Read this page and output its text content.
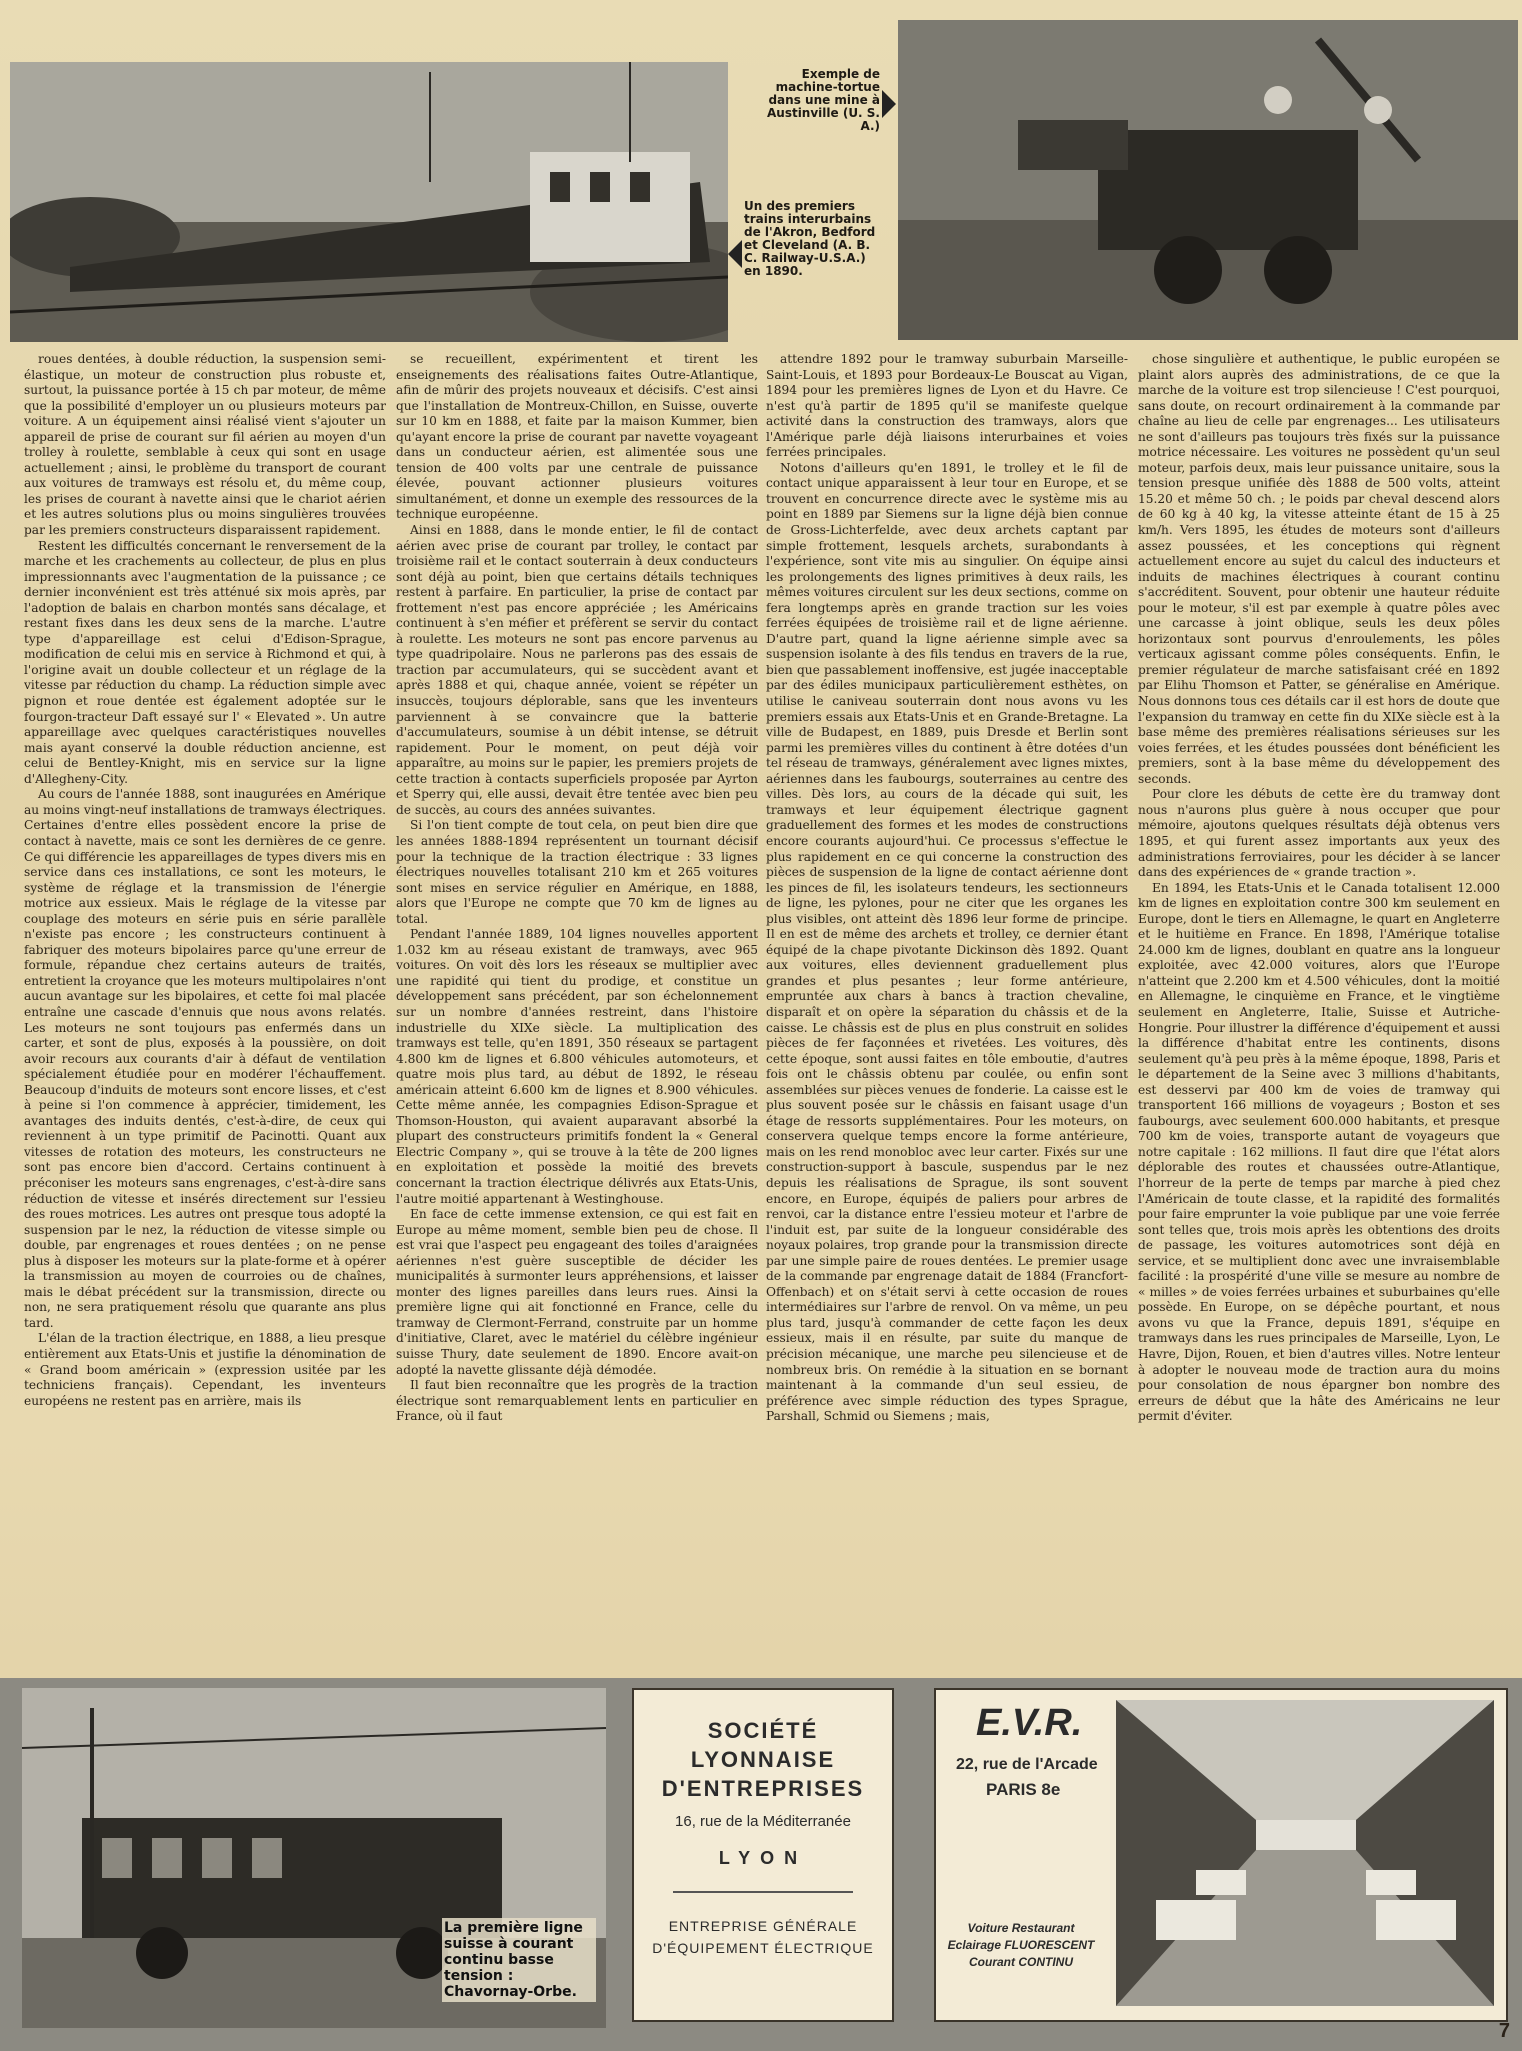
Exemple de machine-tortue dans une mine à Austinville (U. S. A.)
Un des premiers trains interurbains de l'Akron, Bedford et Cleveland (A. B. C. Railway-U.S.A.) en 1890.

roues dentées, à double réduction, la suspension semi-élastique, un moteur de construction plus robuste et, surtout, la puissance portée à 15 ch par moteur, de même que la possibilité d'employer un ou plusieurs moteurs par voiture. A un équipement ainsi réalisé vient s'ajouter un appareil de prise de courant sur fil aérien au moyen d'un trolley à roulette, semblable à ceux qui sont en usage actuellement ; ainsi, le problème du transport de courant aux voitures de tramways est résolu et, du même coup, les prises de courant à navette ainsi que le chariot aérien et les autres solutions plus ou moins singulières trouvées par les premiers constructeurs disparaissent rapidement.

Restent les difficultés concernant le renversement de la marche et les crachements au collecteur, de plus en plus impressionnants avec l'augmentation de la puissance ; ce dernier inconvénient est très atténué six mois après, par l'adoption de balais en charbon montés sans décalage, et restant fixes dans les deux sens de la marche. L'autre type d'appareillage est celui d'Edison-Sprague, modification de celui mis en service à Richmond et qui, à l'origine avait un double collecteur et un réglage de la vitesse par réduction du champ. La réduction simple avec pignon et roue dentée est également adoptée sur le fourgon-tracteur Daft essayé sur l' « Elevated ». Un autre appareillage avec quelques caractéristiques nouvelles mais ayant conservé la double réduction ancienne, est celui de Bentley-Knight, mis en service sur la ligne d'Allegheny-City.

Au cours de l'année 1888, sont inaugurées en Amérique au moins vingt-neuf installations de tramways électriques. Certaines d'entre elles possèdent encore la prise de contact à navette, mais ce sont les dernières de ce genre. Ce qui différencie les appareillages de types divers mis en service dans ces installations, ce sont les moteurs, le système de réglage et la transmission de l'énergie motrice aux essieux. Mais le réglage de la vitesse par couplage des moteurs en série puis en série parallèle n'existe pas encore ; les constructeurs continuent à fabriquer des moteurs bipolaires parce qu'une erreur de formule, répandue chez certains auteurs de traités, entretient la croyance que les moteurs multipolaires n'ont aucun avantage sur les bipolaires, et cette foi mal placée entraîne une cascade d'ennuis que nous avons relatés. Les moteurs ne sont toujours pas enfermés dans un carter, et sont de plus, exposés à la poussière, on doit avoir recours aux courants d'air à défaut de ventilation spécialement étudiée pour en modérer l'échauffement. Beaucoup d'induits de moteurs sont encore lisses, et c'est à peine si l'on commence à apprécier, timidement, les avantages des induits dentés, c'est-à-dire, de ceux qui reviennent à un type primitif de Pacinotti. Quant aux vitesses de rotation des moteurs, les constructeurs ne sont pas encore bien d'accord. Certains continuent à préconiser les moteurs sans engrenages, c'est-à-dire sans réduction de vitesse et insérés directement sur l'essieu des roues motrices. Les autres ont presque tous adopté la suspension par le nez, la réduction de vitesse simple ou double, par engrenages et roues dentées ; on ne pense plus à disposer les moteurs sur la plate-forme et à opérer la transmission au moyen de courroies ou de chaînes, mais le débat précédent sur la transmission, directe ou non, ne sera pratiquement résolu que quarante ans plus tard.

L'élan de la traction électrique, en 1888, a lieu presque entièrement aux Etats-Unis et justifie la dénomination de « Grand boom américain » (expression usitée par les techniciens français). Cependant, les inventeurs européens ne restent pas en arrière, mais ils

se recueillent, expérimentent et tirent les enseignements des réalisations faites Outre-Atlantique, afin de mûrir des projets nouveaux et décisifs. C'est ainsi que l'installation de Montreux-Chillon, en Suisse, ouverte sur 10 km en 1888, et faite par la maison Kummer, bien qu'ayant encore la prise de courant par navette voyageant dans un conducteur aérien, est alimentée sous une tension de 400 volts par une centrale de puissance élevée, pouvant actionner plusieurs voitures simultanément, et donne un exemple des ressources de la technique européenne.

Ainsi en 1888, dans le monde entier, le fil de contact aérien avec prise de courant par trolley, le contact par troisième rail et le contact souterrain à deux conducteurs sont déjà au point, bien que certains détails techniques restent à parfaire. En particulier, la prise de contact par frottement n'est pas encore appréciée ; les Américains continuent à s'en méfier et préfèrent se servir du contact à roulette. Les moteurs ne sont pas encore parvenus au type quadripolaire. Nous ne parlerons pas des essais de traction par accumulateurs, qui se succèdent avant et après 1888 et qui, chaque année, voient se répéter un insuccès, toujours déplorable, sans que les inventeurs parviennent à se convaincre que la batterie d'accumulateurs, soumise à un débit intense, se détruit rapidement. Pour le moment, on peut déjà voir apparaître, au moins sur le papier, les premiers projets de cette traction à contacts superficiels proposée par Ayrton et Sperry qui, elle aussi, devait être tentée avec bien peu de succès, au cours des années suivantes.

Si l'on tient compte de tout cela, on peut bien dire que les années 1888-1894 représentent un tournant décisif pour la technique de la traction électrique : 33 lignes électriques nouvelles totalisant 210 km et 265 voitures sont mises en service régulier en Amérique, en 1888, alors que l'Europe ne compte que 70 km de lignes au total.

Pendant l'année 1889, 104 lignes nouvelles apportent 1.032 km au réseau existant de tramways, avec 965 voitures. On voit dès lors les réseaux se multiplier avec une rapidité qui tient du prodige, et constitue un développement sans précédent, par son échelonnement sur un nombre d'années restreint, dans l'histoire industrielle du XIXe siècle. La multiplication des tramways est telle, qu'en 1891, 350 réseaux se partagent 4.800 km de lignes et 6.800 véhicules automoteurs, et quatre mois plus tard, au début de 1892, le réseau américain atteint 6.600 km de lignes et 8.900 véhicules. Cette même année, les compagnies Edison-Sprague et Thomson-Houston, qui avaient auparavant absorbé la plupart des constructeurs primitifs fondent la « General Electric Company », qui se trouve à la tête de 200 lignes en exploitation et possède la moitié des brevets concernant la traction électrique délivrés aux Etats-Unis, l'autre moitié appartenant à Westinghouse.

En face de cette immense extension, ce qui est fait en Europe au même moment, semble bien peu de chose. Il est vrai que l'aspect peu engageant des toiles d'araignées aériennes n'est guère susceptible de décider les municipalités à surmonter leurs appréhensions, et laisser monter des lignes pareilles dans leurs rues. Ainsi la première ligne qui ait fonctionné en France, celle du tramway de Clermont-Ferrand, construite par un homme d'initiative, Claret, avec le matériel du célèbre ingénieur suisse Thury, date seulement de 1890. Encore avait-on adopté la navette glissante déjà démodée.

Il faut bien reconnaître que les progrès de la traction électrique sont remarquablement lents en particulier en France, où il faut

attendre 1892 pour le tramway suburbain Marseille-Saint-Louis, et 1893 pour Bordeaux-Le Bouscat au Vigan, 1894 pour les premières lignes de Lyon et du Havre. Ce n'est qu'à partir de 1895 qu'il se manifeste quelque activité dans la construction des tramways, alors que l'Amérique parle déjà liaisons interurbaines et voies ferrées principales.

Notons d'ailleurs qu'en 1891, le trolley et le fil de contact unique apparaissent à leur tour en Europe, et se trouvent en concurrence directe avec le système mis au point en 1889 par Siemens sur la ligne déjà bien connue de Gross-Lichterfelde, avec deux archets captant par simple frottement, lesquels archets, surabondants à l'expérience, sont vite mis au singulier. On équipe ainsi les prolongements des lignes primitives à deux rails, les mêmes voitures circulent sur les deux sections, comme on fera longtemps après en grande traction sur les voies ferrées équipées de troisième rail et de ligne aérienne. D'autre part, quand la ligne aérienne simple avec sa suspension isolante à des fils tendus en travers de la rue, bien que passablement inoffensive, est jugée inacceptable par des édiles municipaux particulièrement esthètes, on utilise le caniveau souterrain dont nous avons vu les premiers essais aux Etats-Unis et en Grande-Bretagne. La ville de Budapest, en 1889, puis Dresde et Berlin sont parmi les premières villes du continent à être dotées d'un tel réseau de tramways, généralement avec lignes mixtes, aériennes dans les faubourgs, souterraines au centre des villes. Dès lors, au cours de la décade qui suit, les tramways et leur équipement électrique gagnent graduellement des formes et les modes de constructions encore courants aujourd'hui. Ce processus s'effectue le plus rapidement en ce qui concerne la construction des pièces de suspension de la ligne de contact aérienne dont les pinces de fil, les isolateurs tendeurs, les sectionneurs de ligne, les pylones, pour ne citer que les organes les plus visibles, ont atteint dès 1896 leur forme de principe. Il en est de même des archets et trolley, ce dernier étant équipé de la chape pivotante Dickinson dès 1892. Quant aux voitures, elles deviennent graduellement plus grandes et plus pesantes ; leur forme antérieure, empruntée aux chars à bancs à traction chevaline, disparaît et on opère la séparation du châssis et de la caisse. Le châssis est de plus en plus construit en solides pièces de fer façonnées et rivetées. Les voitures, dès cette époque, sont aussi faites en tôle emboutie, d'autres fois ont le châssis obtenu par coulée, ou enfin sont assemblées sur pièces venues de fonderie. La caisse est le plus souvent posée sur le châssis en faisant usage d'un étage de ressorts supplémentaires. Pour les moteurs, on conservera quelque temps encore la forme antérieure, mais on les rend monobloc avec leur carter. Fixés sur une construction-support à bascule, suspendus par le nez depuis les réalisations de Sprague, ils sont souvent encore, en Europe, équipés de paliers pour arbres de renvoi, car la distance entre l'essieu moteur et l'arbre de l'induit est, par suite de la longueur considérable des noyaux polaires, trop grande pour la transmission directe par une simple paire de roues dentées. Le premier usage de la commande par engrenage datait de 1884 (Francfort-Offenbach) et on s'était servi à cette occasion de roues intermédiaires sur l'arbre de renvol. On va même, un peu plus tard, jusqu'à commander de cette façon les deux essieux, mais il en résulte, par suite du manque de précision mécanique, une marche peu silencieuse et de nombreux bris. On remédie à la situation en se bornant maintenant à la commande d'un seul essieu, de préférence avec simple réduction des types Sprague, Parshall, Schmid ou Siemens ; mais,

chose singulière et authentique, le public européen se plaint alors auprès des administrations, de ce que la marche de la voiture est trop silencieuse ! C'est pourquoi, sans doute, on recourt ordinairement à la commande par chaîne au lieu de celle par engrenages... Les utilisateurs ne sont d'ailleurs pas toujours très fixés sur la puissance motrice nécessaire. Les voitures ne possèdent qu'un seul moteur, parfois deux, mais leur puissance unitaire, sous la tension presque unifiée dès 1888 de 500 volts, atteint 15.20 et même 50 ch. ; le poids par cheval descend alors de 60 kg à 40 kg, la vitesse atteinte étant de 15 à 25 km/h. Vers 1895, les études de moteurs sont d'ailleurs assez poussées, et les conceptions qui règnent actuellement encore au sujet du calcul des inducteurs et induits de machines électriques à courant continu s'accréditent. Souvent, pour obtenir une hauteur réduite pour le moteur, s'il est par exemple à quatre pôles avec une carcasse à joint oblique, seuls les deux pôles horizontaux sont pourvus d'enroulements, les pôles verticaux agissant comme pôles conséquents. Enfin, le premier régulateur de marche satisfaisant créé en 1892 par Elihu Thomson et Patter, se généralise en Amérique. Nous donnons tous ces détails car il est hors de doute que l'expansion du tramway en cette fin du XIXe siècle est à la base même des premières réalisations sérieuses sur les voies ferrées, et les études poussées dont bénéficient les premiers, sont à la base même du développement des seconds.

Pour clore les débuts de cette ère du tramway dont nous n'aurons plus guère à nous occuper que pour mémoire, ajoutons quelques résultats déjà obtenus vers 1895, et qui furent assez importants aux yeux des administrations ferroviaires, pour les décider à se lancer dans des expériences de « grande traction ».

En 1894, les Etats-Unis et le Canada totalisent 12.000 km de lignes en exploitation contre 300 km seulement en Europe, dont le tiers en Allemagne, le quart en Angleterre et le huitième en France. En 1898, l'Amérique totalise 24.000 km de lignes, doublant en quatre ans la longueur exploitée, avec 42.000 voitures, alors que l'Europe n'atteint que 2.200 km et 4.500 véhicules, dont la moitié en Allemagne, le cinquième en France, et le vingtième seulement en Angleterre, Italie, Suisse et Autriche-Hongrie. Pour illustrer la différence d'équipement et aussi la différence d'habitat entre les continents, disons seulement qu'à peu près à la même époque, 1898, Paris et le département de la Seine avec 3 millions d'habitants, est desservi par 400 km de voies de tramway qui transportent 166 millions de voyageurs ; Boston et ses faubourgs, avec seulement 600.000 habitants, et presque 700 km de voies, transporte autant de voyageurs que notre capitale : 162 millions. Il faut dire que l'état alors déplorable des routes et chaussées outre-Atlantique, l'horreur de la perte de temps par marche à pied chez l'Américain de toute classe, et la rapidité des formalités pour faire emprunter la voie publique par une voie ferrée sont telles que, trois mois après les obtentions des droits de passage, les voitures automotrices sont déjà en service, et se multiplient donc avec une invraisemblable facilité : la prospérité d'une ville se mesure au nombre de « milles » de voies ferrées urbaines et suburbaines qu'elle possède. En Europe, on se dépêche pourtant, et nous avons vu que la France, depuis 1891, s'équipe en tramways dans les rues principales de Marseille, Lyon, Le Havre, Dijon, Rouen, et bien d'autres villes. Notre lenteur à adopter le nouveau mode de traction aura du moins pour consolation de nous épargner bon nombre des erreurs de début que la hâte des Américains ne leur permit d'éviter.

La première ligne suisse à courant continu basse tension : Chavornay-Orbe.
SOCIÉTÉ
LYONNAISE
D'ENTREPRISES
16, rue de la Méditerranée
LYON
ENTREPRISE GÉNÉRALE
D'ÉQUIPEMENT ÉLECTRIQUE
E.V.R.
22, rue de l'Arcade
PARIS 8e
Voiture Restaurant
Eclairage FLUORESCENT
Courant CONTINU
7
